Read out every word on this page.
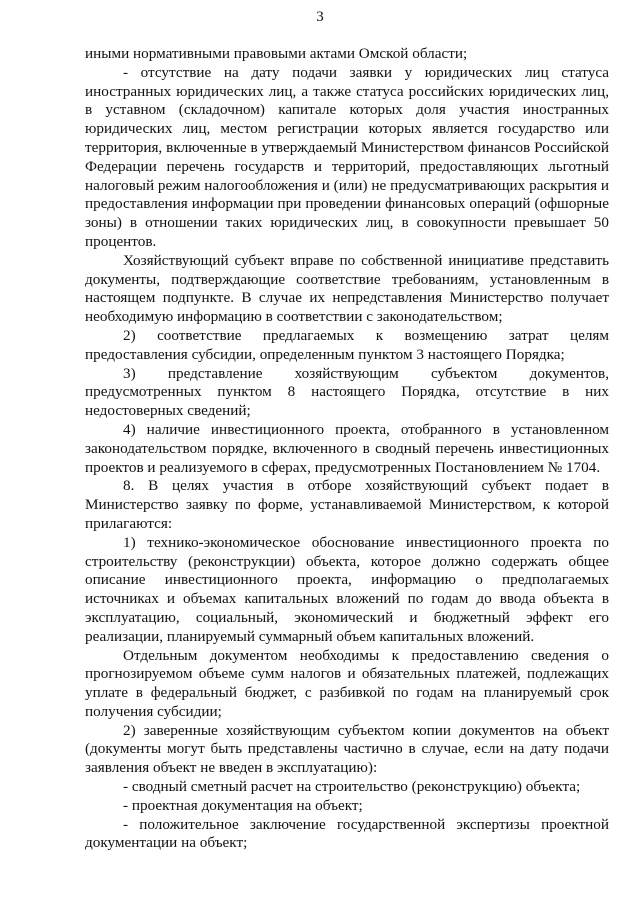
3

иными нормативными правовыми актами Омской области;

- отсутствие на дату подачи заявки у юридических лиц статуса иностранных юридических лиц, а также статуса российских юридических лиц, в уставном (складочном) капитале которых доля участия иностранных юридических лиц, местом регистрации которых является государство или территория, включенные в утверждаемый Министерством финансов Российской Федерации перечень государств и территорий, предоставляющих льготный налоговый режим налогообложения и (или) не предусматривающих раскрытия и предоставления информации при проведении финансовых операций (офшорные зоны) в отношении таких юридических лиц, в совокупности превышает 50 процентов.

Хозяйствующий субъект вправе по собственной инициативе представить документы, подтверждающие соответствие требованиям, установленным в настоящем подпункте. В случае их непредставления Министерство получает необходимую информацию в соответствии с законодательством;

2) соответствие предлагаемых к возмещению затрат целям предоставления субсидии, определенным пунктом 3 настоящего Порядка;

3) представление хозяйствующим субъектом документов, предусмотренных пунктом 8 настоящего Порядка, отсутствие в них недостоверных сведений;

4) наличие инвестиционного проекта, отобранного в установленном законодательством порядке, включенного в сводный перечень инвестиционных проектов и реализуемого в сферах, предусмотренных Постановлением № 1704.

8. В целях участия в отборе хозяйствующий субъект подает в Министерство заявку по форме, устанавливаемой Министерством, к которой прилагаются:

1) технико-экономическое обоснование инвестиционного проекта по строительству (реконструкции) объекта, которое должно содержать общее описание инвестиционного проекта, информацию о предполагаемых источниках и объемах капитальных вложений по годам до ввода объекта в эксплуатацию, социальный, экономический и бюджетный эффект его реализации, планируемый суммарный объем капитальных вложений.

Отдельным документом необходимы к предоставлению сведения о прогнозируемом объеме сумм налогов и обязательных платежей, подлежащих уплате в федеральный бюджет, с разбивкой по годам на планируемый срок получения субсидии;

2) заверенные хозяйствующим субъектом копии документов на объект (документы могут быть представлены частично в случае, если на дату подачи заявления объект не введен в эксплуатацию):

- сводный сметный расчет на строительство (реконструкцию) объекта;

- проектная документация на объект;

- положительное заключение государственной экспертизы проектной документации на объект;
